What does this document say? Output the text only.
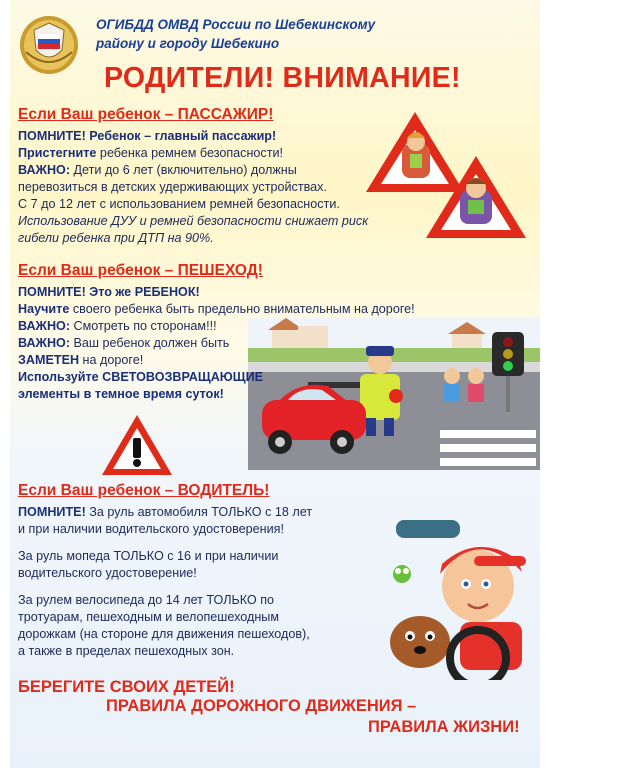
ОГИБДД ОМВД России по Шебекинскому
району и городу Шебекино
РОДИТЕЛИ! ВНИМАНИЕ!
Если Ваш ребенок – ПАССАЖИР!
ПОМНИТЕ! Ребенок – главный пассажир!
Пристегните ребенка ремнем безопасности!
ВАЖНО: Дети до 6 лет (включительно) должны
перевозиться в детских удерживающих устройствах.
С 7 до 12 лет с использованием ремней безопасности.
Использование ДУУ и ремней безопасности снижает риск
гибели ребенка при ДТП на 90%.
Если Ваш ребенок – ПЕШЕХОД!
ПОМНИТЕ! Это же РЕБЕНОК!
Научите своего ребенка быть предельно внимательным на дороге!
ВАЖНО: Смотреть по сторонам!!!
ВАЖНО: Ваш ребенок должен быть
ЗАМЕТЕН на дороге!
Используйте СВЕТОВОЗВРАЩАЮЩИЕ
элементы в темное время суток!
Если Ваш ребенок – ВОДИТЕЛЬ!
ПОМНИТЕ! За руль автомобиля ТОЛЬКО с 18 лет
и при наличии водительского удостоверения!
За руль мопеда ТОЛЬКО с 16 и при наличии
водительского удостоверение!
За рулем велосипеда до 14 лет ТОЛЬКО по
тротуарам, пешеходным и велопешеходным
дорожкам (на стороне для движения пешеходов),
а также в пределах пешеходных зон.
БЕРЕГИТЕ СВОИХ ДЕТЕЙ!
ПРАВИЛА ДОРОЖНОГО ДВИЖЕНИЯ –
ПРАВИЛА ЖИЗНИ!
